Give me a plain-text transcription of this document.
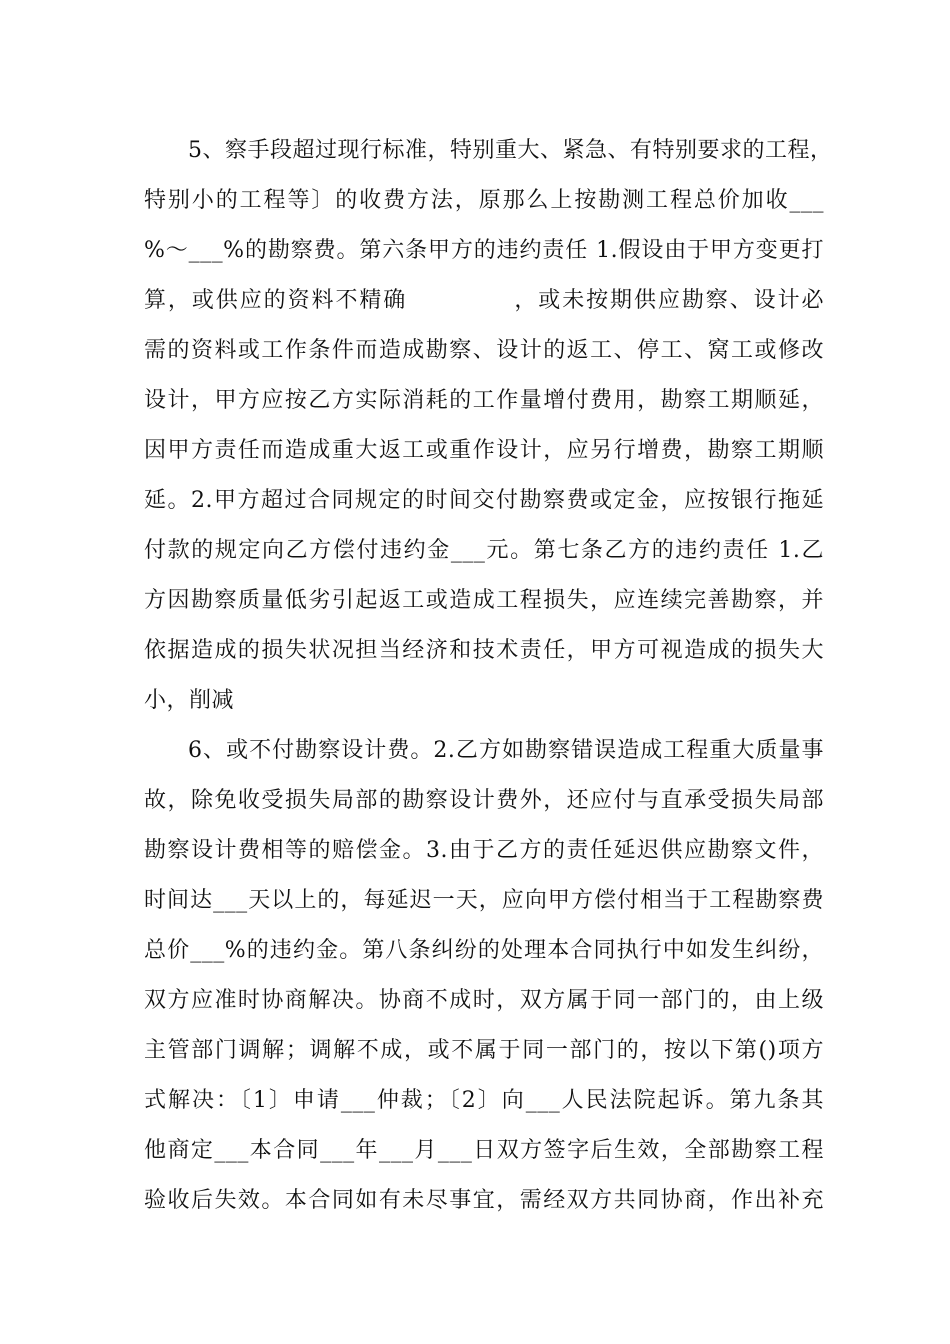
5、察手段超过现行标准，特别重大、紧急、有特别要求的工程，

特别小的工程等〕的收费方法，原那么上按勘测工程总价加收___

%～___%的勘察费。第六条甲方的违约责任 1.假设由于甲方变更打

算，或供应的资料不精确            ，或未按期供应勘察、设计必

需的资料或工作条件而造成勘察、设计的返工、停工、窝工或修改

设计，甲方应按乙方实际消耗的工作量增付费用，勘察工期顺延，

因甲方责任而造成重大返工或重作设计，应另行增费，勘察工期顺

延。2.甲方超过合同规定的时间交付勘察费或定金，应按银行拖延

付款的规定向乙方偿付违约金___元。第七条乙方的违约责任 1.乙

方因勘察质量低劣引起返工或造成工程损失，应连续完善勘察，并

依据造成的损失状况担当经济和技术责任，甲方可视造成的损失大

小，削减

6、或不付勘察设计费。2.乙方如勘察错误造成工程重大质量事

故，除免收受损失局部的勘察设计费外，还应付与直承受损失局部

勘察设计费相等的赔偿金。3.由于乙方的责任延迟供应勘察文件，

时间达___天以上的，每延迟一天，应向甲方偿付相当于工程勘察费

总价___%的违约金。第八条纠纷的处理本合同执行中如发生纠纷，

双方应准时协商解决。协商不成时，双方属于同一部门的，由上级

主管部门调解；调解不成，或不属于同一部门的，按以下第()项方

式解决：〔1〕申请___仲裁；〔2〕向___人民法院起诉。第九条其

他商定___本合同___年___月___日双方签字后生效，全部勘察工程

验收后失效。本合同如有未尽事宜，需经双方共同协商，作出补充
